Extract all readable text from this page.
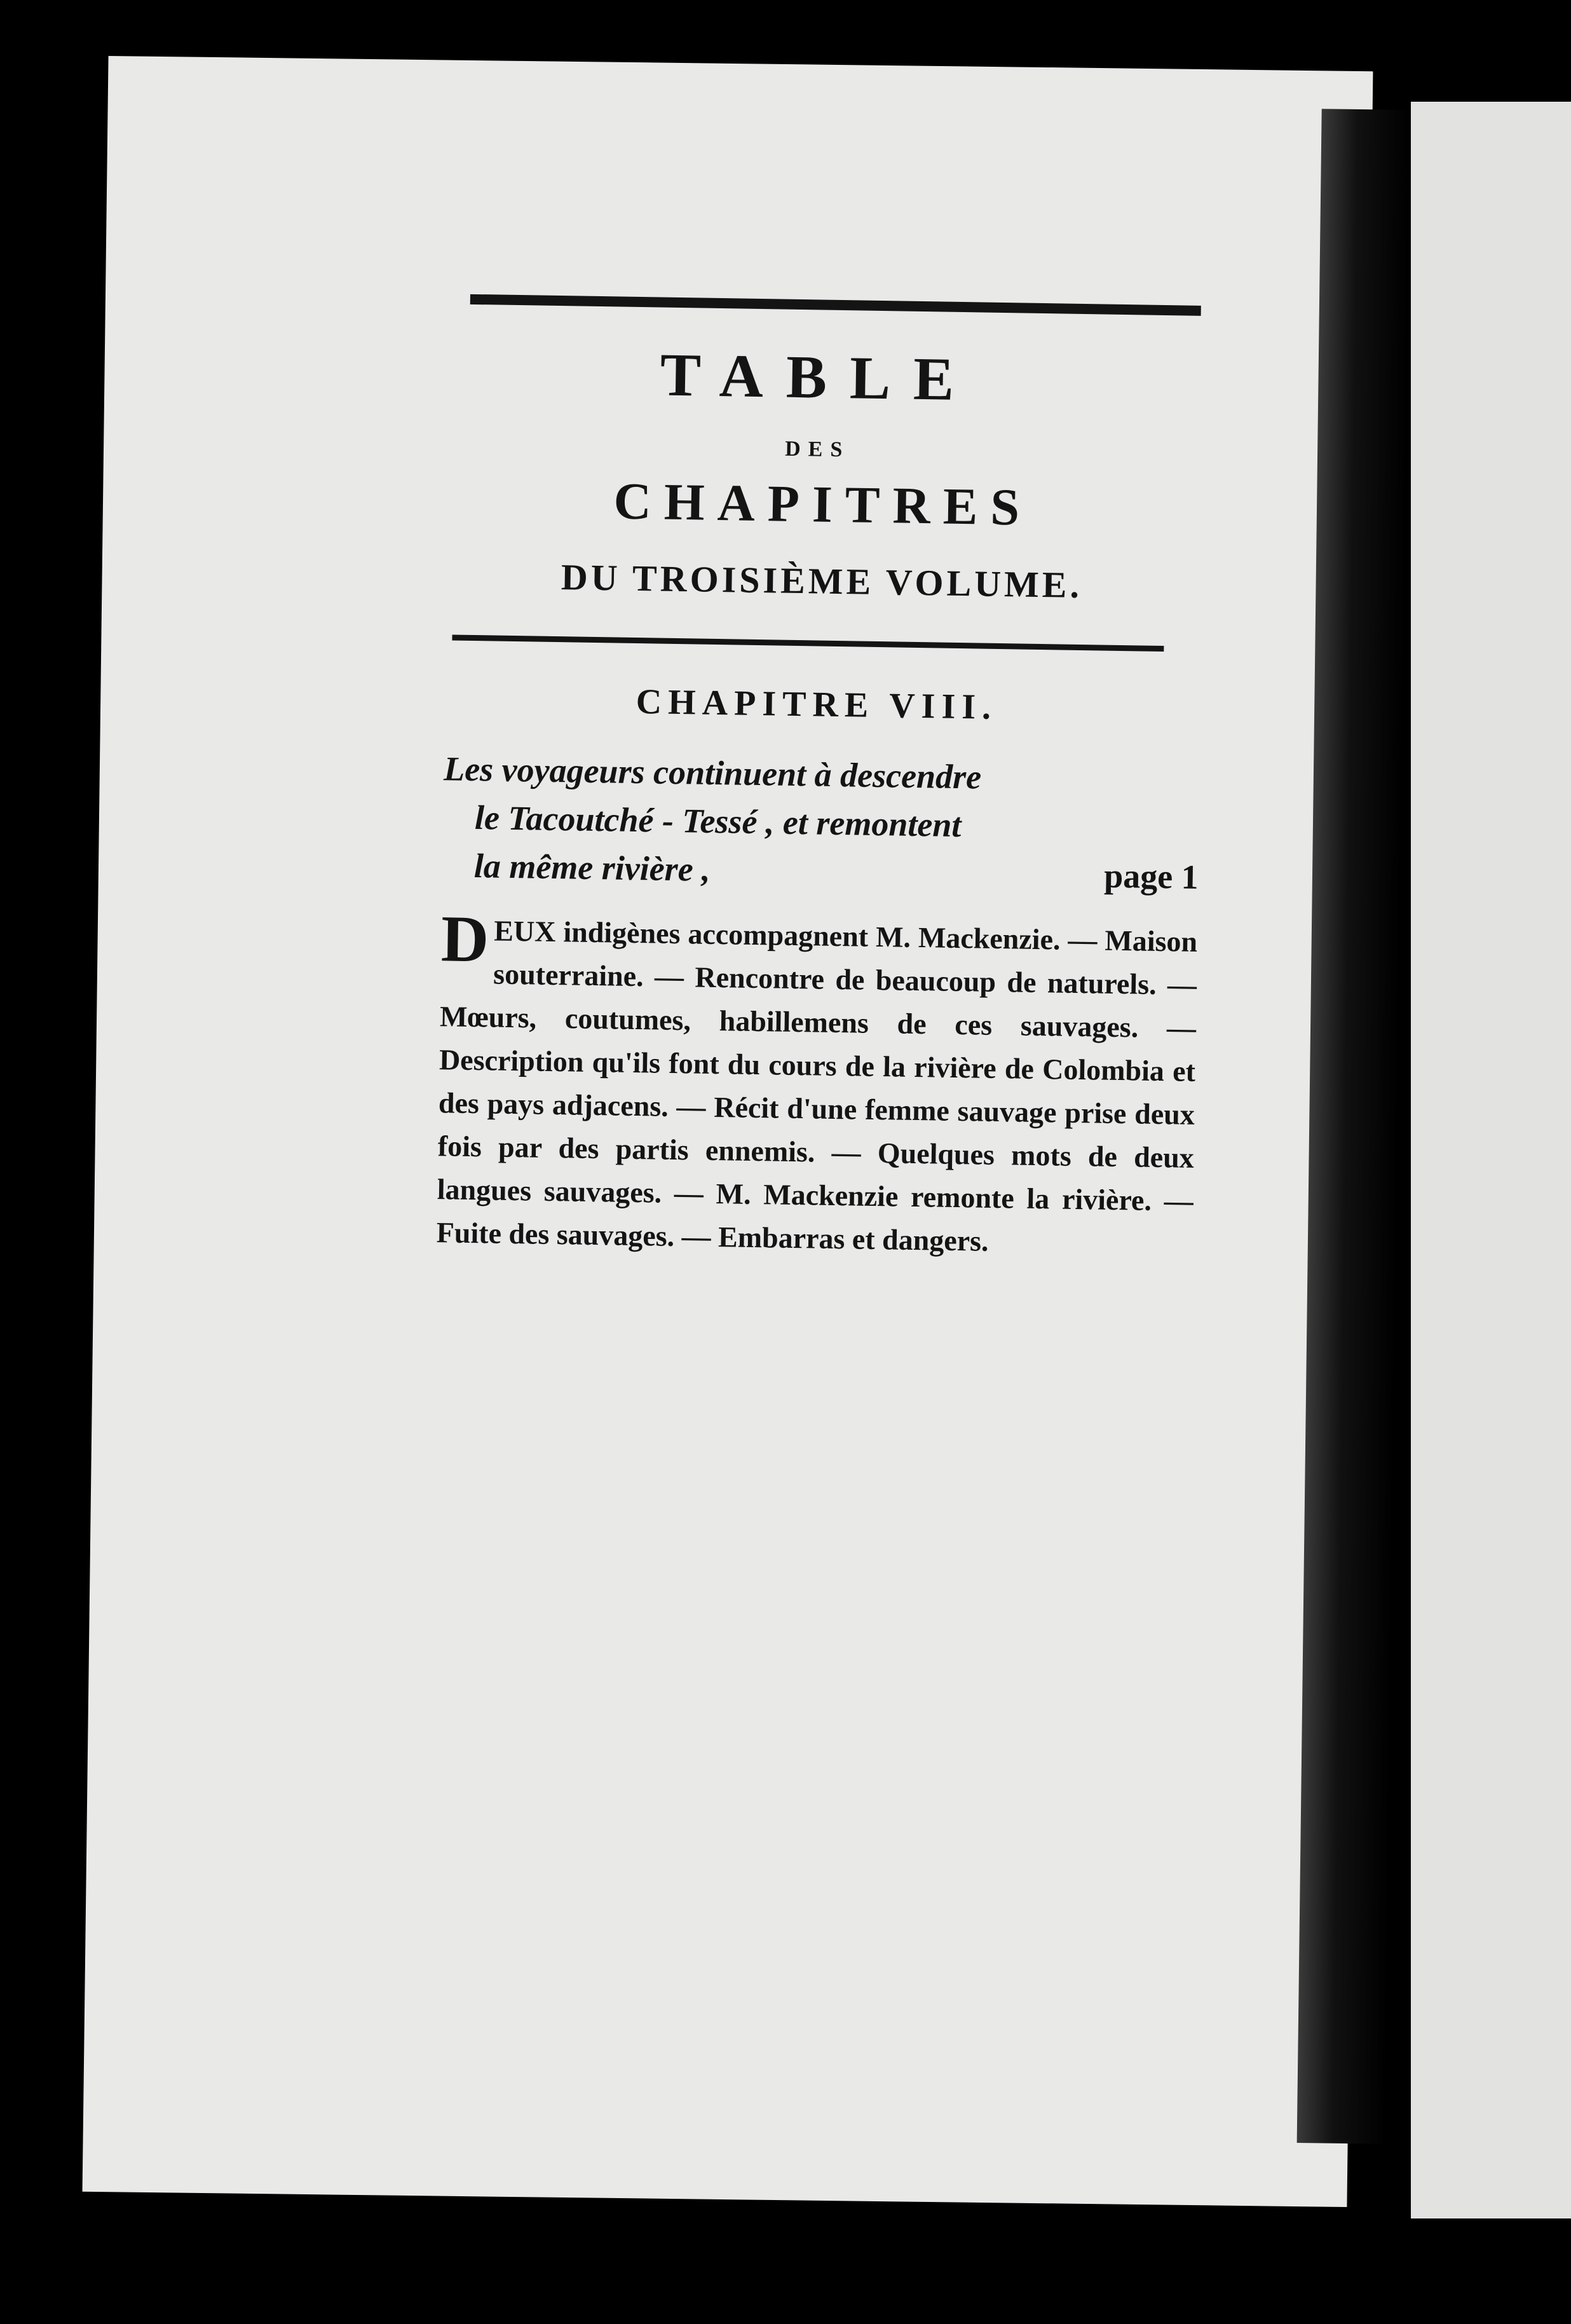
TABLE
DES
CHAPITRES
DU TROISIÈME VOLUME.
CHAPITRE VIII.
Les voyageurs continuent à descendre
le Tacoutché - Tessé , et remontent
la même rivière ,	page 1
DEUX indigènes accompagnent M. Mackenzie. — Maison souterraine. — Rencontre de beaucoup de naturels. — Mœurs, coutumes, habillemens de ces sauvages. — Description qu'ils font du cours de la rivière de Colombia et des pays adjacens. — Récit d'une femme sauvage prise deux fois par des partis ennemis. — Quelques mots de deux langues sauvages. — M. Mackenzie remonte la rivière. — Fuite des sauvages. — Embarras et dangers.
